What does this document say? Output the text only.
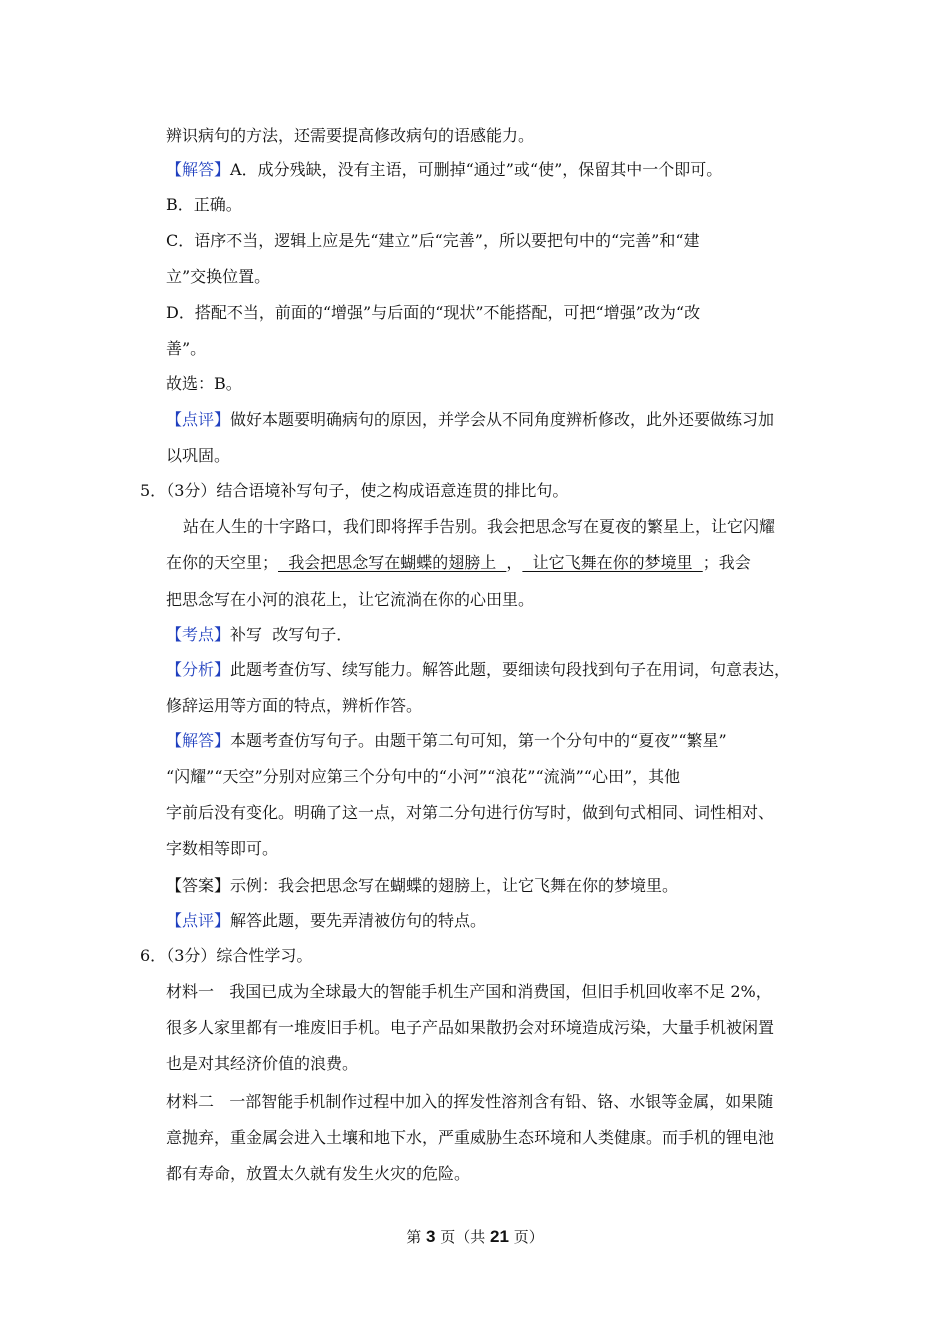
辨识病句的方法，还需要提高修改病句的语感能力。
【解答】A．成分残缺，没有主语，可删掉“通过”或“使”，保留其中一个即可。
B．正确。
C．语序不当，逻辑上应是先“建立”后“完善”，所以要把句中的“完善”和“建
立”交换位置。
D．搭配不当，前面的“增强”与后面的“现状”不能搭配，可把“增强”改为“改
善”。
故选：B。
【点评】做好本题要明确病句的原因，并学会从不同角度辨析修改，此外还要做练习加
以巩固。
5．（3分）结合语境补写句子，使之构成语意连贯的排比句。
站在人生的十字路口，我们即将挥手告别。我会把思念写在夏夜的繁星上，让它闪耀
在你的天空里；  我会把思念写在蝴蝶的翅膀上  ，  让它飞舞在你的梦境里  ；我会
把思念写在小河的浪花上，让它流淌在你的心田里。
【考点】补写  改写句子．
【分析】此题考查仿写、续写能力。解答此题，要细读句段找到句子在用词，句意表达，
修辞运用等方面的特点，辨析作答。
【解答】本题考查仿写句子。由题干第二句可知，第一个分句中的“夏夜”“繁星”
“闪耀”“天空”分别对应第三个分句中的“小河”“浪花”“流淌”“心田”，其他
字前后没有变化。明确了这一点，对第二分句进行仿写时，做到句式相同、词性相对、
字数相等即可。
【答案】示例：我会把思念写在蝴蝶的翅膀上，让它飞舞在你的梦境里。
【点评】解答此题，要先弄清被仿句的特点。
6．（3分）综合性学习。
材料一   我国已成为全球最大的智能手机生产国和消费国，但旧手机回收率不足 2%，
很多人家里都有一堆废旧手机。电子产品如果散扔会对环境造成污染，大量手机被闲置
也是对其经济价值的浪费。
材料二   一部智能手机制作过程中加入的挥发性溶剂含有铅、铬、水银等金属，如果随
意抛弃，重金属会进入土壤和地下水，严重威胁生态环境和人类健康。而手机的锂电池
都有寿命，放置太久就有发生火灾的危险。
第 3 页（共 21 页）
